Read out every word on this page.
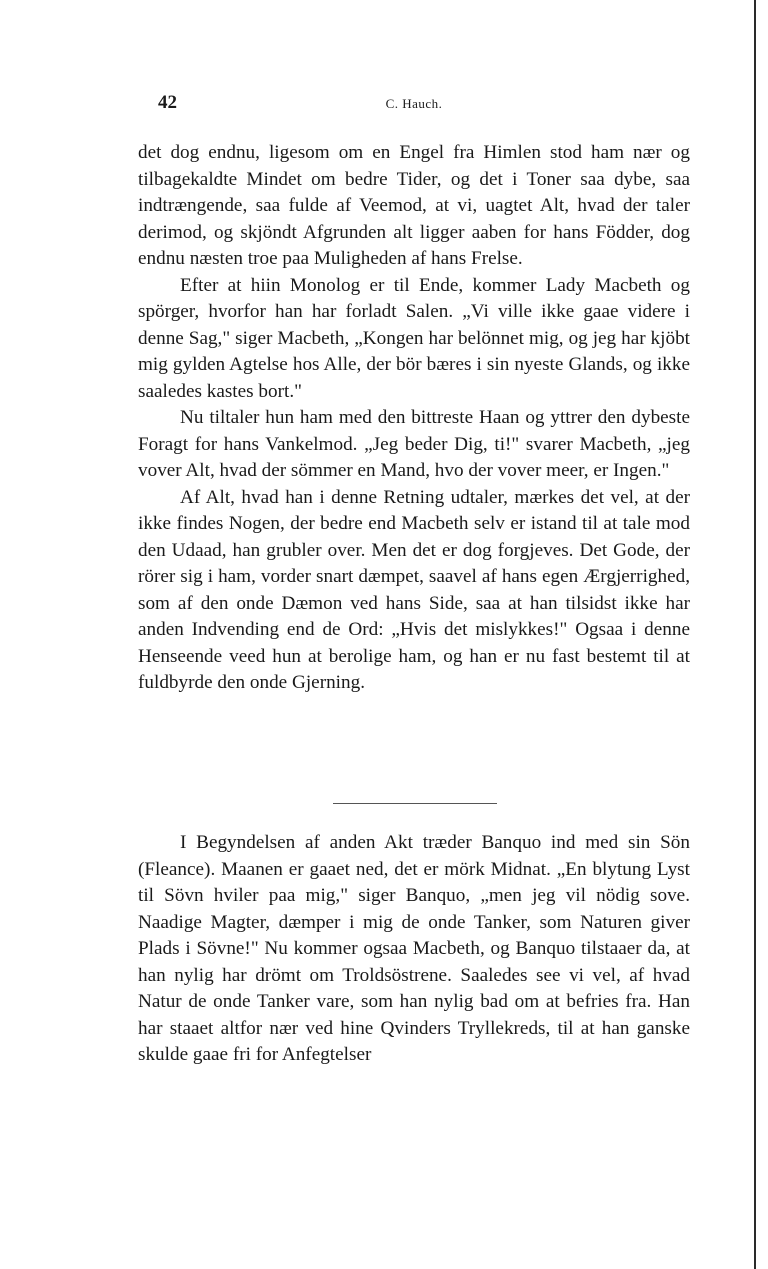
42	C. Hauch.

det dog endnu, ligesom om en Engel fra Himlen stod ham nær og tilbagekaldte Mindet om bedre Tider, og det i Toner saa dybe, saa indtrængende, saa fulde af Veemod, at vi, uagtet Alt, hvad der taler derimod, og skjöndt Afgrunden alt ligger aaben for hans Födder, dog endnu næsten troe paa Muligheden af hans Frelse.

Efter at hiin Monolog er til Ende, kommer Lady Macbeth og spörger, hvorfor han har forladt Salen. „Vi ville ikke gaae videre i denne Sag," siger Macbeth, „Kongen har belönnet mig, og jeg har kjöbt mig gylden Agtelse hos Alle, der bör bæres i sin nyeste Glands, og ikke saaledes kastes bort."

Nu tiltaler hun ham med den bittreste Haan og yttrer den dybeste Foragt for hans Vankelmod. „Jeg beder Dig, ti!" svarer Macbeth, „jeg vover Alt, hvad der sömmer en Mand, hvo der vover meer, er Ingen."

Af Alt, hvad han i denne Retning udtaler, mærkes det vel, at der ikke findes Nogen, der bedre end Macbeth selv er istand til at tale mod den Udaad, han grubler over. Men det er dog forgjeves. Det Gode, der rörer sig i ham, vorder snart dæmpet, saavel af hans egen Ærgjerrighed, som af den onde Dæmon ved hans Side, saa at han tilsidst ikke har anden Indvending end de Ord: „Hvis det mislykkes!" Ogsaa i denne Henseende veed hun at berolige ham, og han er nu fast bestemt til at fuldbyrde den onde Gjerning.

I Begyndelsen af anden Akt træder Banquo ind med sin Sön (Fleance). Maanen er gaaet ned, det er mörk Midnat. „En blytung Lyst til Sövn hviler paa mig," siger Banquo, „men jeg vil nödig sove. Naadige Magter, dæmper i mig de onde Tanker, som Naturen giver Plads i Sövne!" Nu kommer ogsaa Macbeth, og Banquo tilstaaer da, at han nylig har drömt om Troldsöstrene. Saaledes see vi vel, af hvad Natur de onde Tanker vare, som han nylig bad om at befries fra. Han har staaet altfor nær ved hine Qvinders Tryllekreds, til at han ganske skulde gaae fri for Anfegtelser
